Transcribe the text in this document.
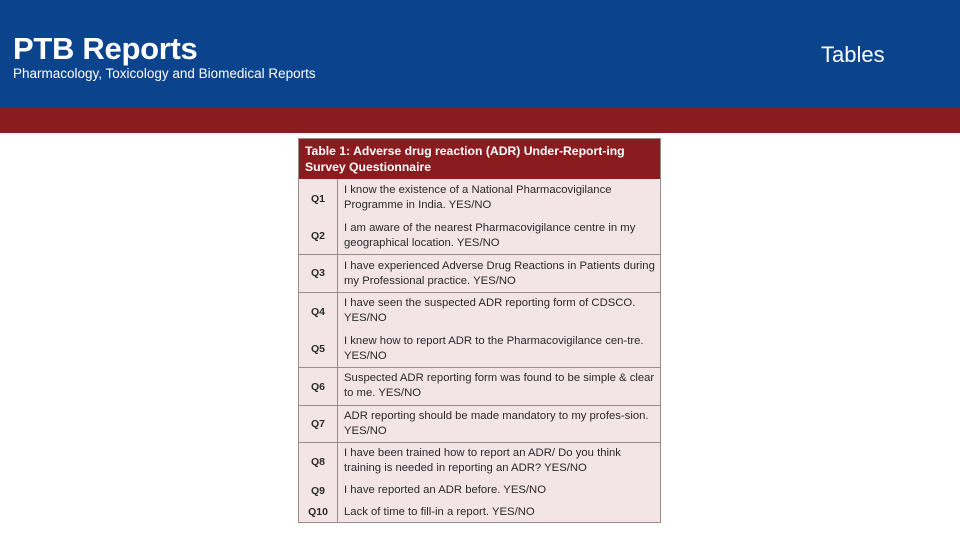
PTB Reports
Pharmacology, Toxicology and Biomedical Reports
Tables
Table 1: Adverse drug reaction (ADR) Under-Report-ing Survey Questionnaire
Q1
I know the existence of a National Pharmacovigilance Programme in India. YES/NO
Q2
I am aware of the nearest Pharmacovigilance centre in my geographical location. YES/NO
Q3
I have experienced Adverse Drug Reactions in Patients during my Professional practice. YES/NO
Q4
I have seen the suspected ADR reporting form of CDSCO. YES/NO
Q5
I knew how to report ADR to the Pharmacovigilance cen-tre. YES/NO
Q6
Suspected ADR reporting form was found to be simple & clear to me. YES/NO
Q7
ADR reporting should be made mandatory to my profes-sion. YES/NO
Q8
I have been trained how to report an ADR/ Do you think training is needed in reporting an ADR? YES/NO
Q9	I have reported an ADR before. YES/NO
Q10	Lack of time to fill-in a report. YES/NO
